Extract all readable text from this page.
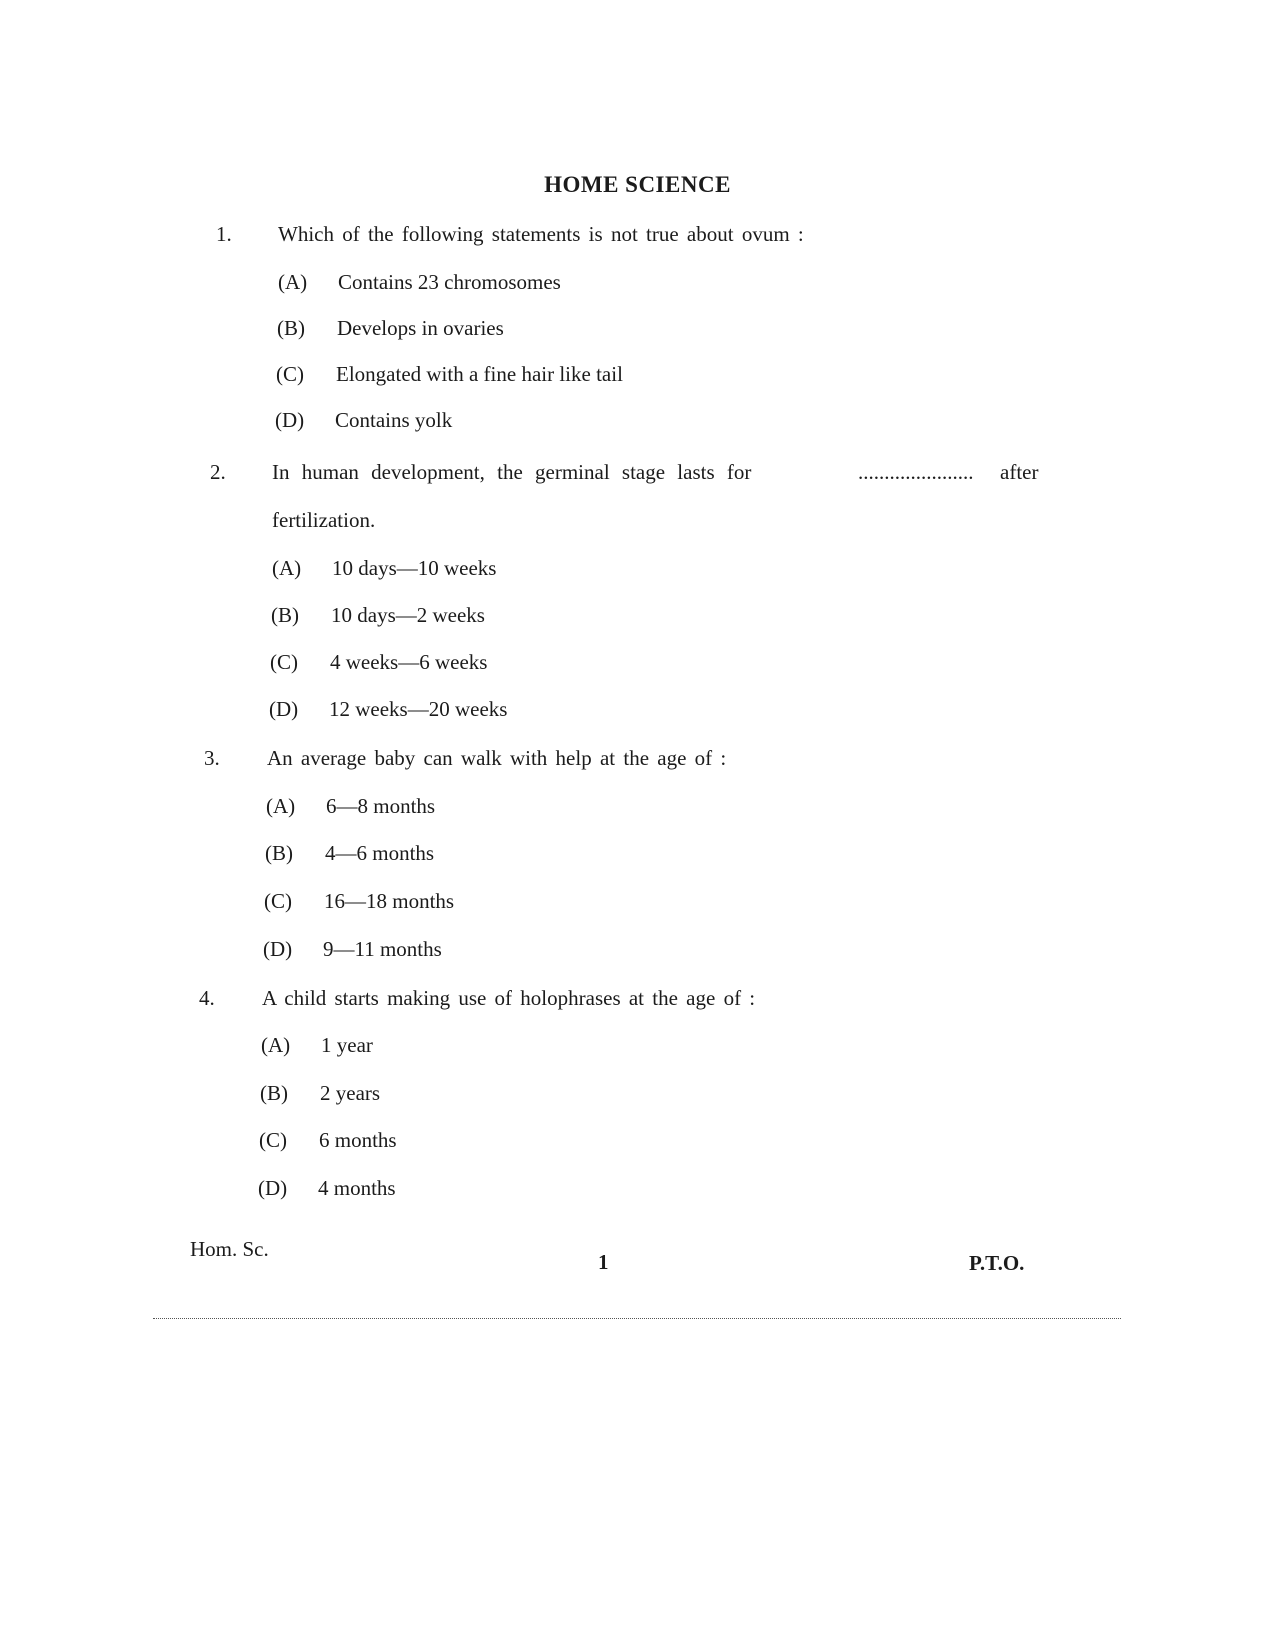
HOME SCIENCE
1. Which of the following statements is not true about ovum :
(A) Contains 23 chromosomes
(B) Develops in ovaries
(C) Elongated with a fine hair like tail
(D) Contains yolk
2. In human development, the germinal stage lasts for	...................... after
fertilization.
(A) 10 days—10 weeks
(B) 10 days—2 weeks
(C) 4 weeks—6 weeks
(D) 12 weeks—20 weeks
3. An average baby can walk with help at the age of :
(A) 6—8 months
(B) 4—6 months
(C) 16—18 months
(D) 9—11 months
4. A child starts making use of holophrases at the age of :
(A) 1 year
(B) 2 years
(C) 6 months
(D) 4 months
Hom. Sc.
1	P.T.O.
